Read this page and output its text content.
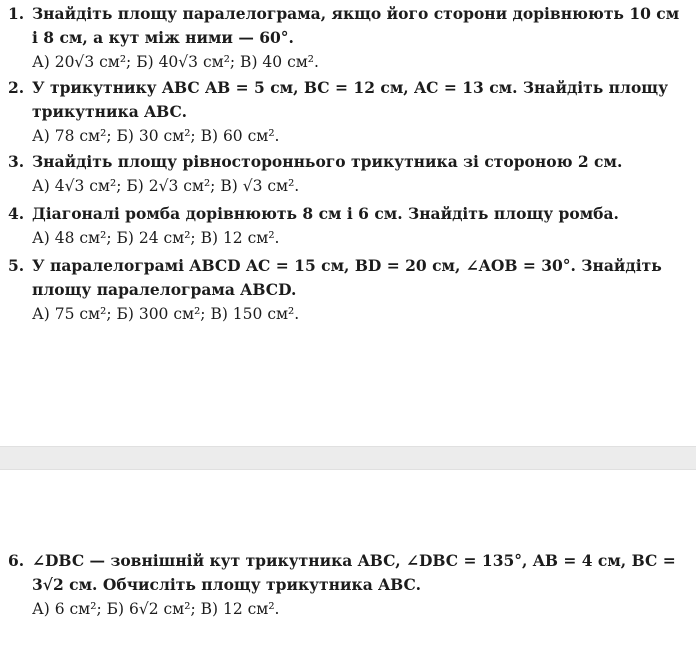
1. Знайдіть площу паралелограма, якщо його сторони дорівнюють 10 см і 8 см, а кут між ними — 60°.
А) 20√3 см²; Б) 40√3 см²; В) 40 см².
2. У трикутнику ABC AB = 5 см, BC = 12 см, AC = 13 см. Знайдіть площу трикутника ABC.
А) 78 см²; Б) 30 см²; В) 60 см².
3. Знайдіть площу рівностороннього трикутника зі стороною 2 см.
А) 4√3 см²; Б) 2√3 см²; В) √3 см².
4. Діагоналі ромба дорівнюють 8 см і 6 см. Знайдіть площу ромба.
А) 48 см²; Б) 24 см²; В) 12 см².
5. У паралелограмі ABCD AC = 15 см, BD = 20 см, ∠AOB = 30°. Знайдіть площу паралелограма ABCD.
А) 75 см²; Б) 300 см²; В) 150 см².
6. ∠DBC — зовнішній кут трикутника ABC, ∠DBC = 135°, AB = 4 см, BC = 3√2 см. Обчисліть площу трикутника ABC.
А) 6 см²; Б) 6√2 см²; В) 12 см².
